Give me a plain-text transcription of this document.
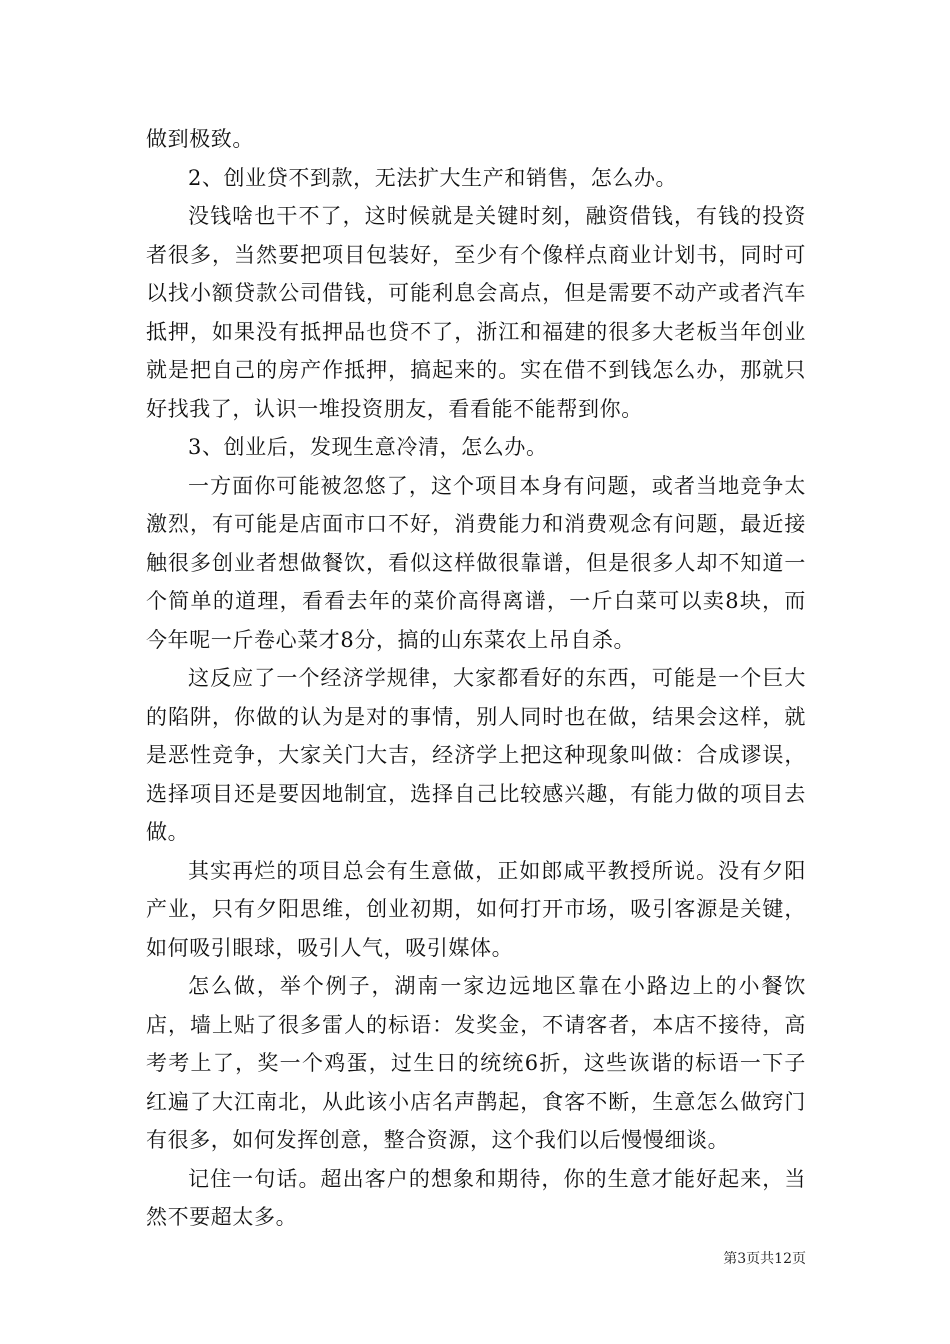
做到极致。

2、创业贷不到款，无法扩大生产和销售，怎么办。

没钱啥也干不了，这时候就是关键时刻，融资借钱，有钱的投资者很多，当然要把项目包装好，至少有个像样点商业计划书，同时可以找小额贷款公司借钱，可能利息会高点，但是需要不动产或者汽车抵押，如果没有抵押品也贷不了，浙江和福建的很多大老板当年创业就是把自己的房产作抵押，搞起来的。实在借不到钱怎么办，那就只好找我了，认识一堆投资朋友，看看能不能帮到你。

3、创业后，发现生意冷清，怎么办。

一方面你可能被忽悠了，这个项目本身有问题，或者当地竞争太激烈，有可能是店面市口不好，消费能力和消费观念有问题，最近接触很多创业者想做餐饮，看似这样做很靠谱，但是很多人却不知道一个简单的道理，看看去年的菜价高得离谱，一斤白菜可以卖8块，而今年呢一斤卷心菜才8分，搞的山东菜农上吊自杀。

这反应了一个经济学规律，大家都看好的东西，可能是一个巨大的陷阱，你做的认为是对的事情，别人同时也在做，结果会这样，就是恶性竞争，大家关门大吉，经济学上把这种现象叫做：合成谬误，选择项目还是要因地制宜，选择自己比较感兴趣，有能力做的项目去做。

其实再烂的项目总会有生意做，正如郎咸平教授所说。没有夕阳产业，只有夕阳思维，创业初期，如何打开市场，吸引客源是关键，如何吸引眼球，吸引人气，吸引媒体。

怎么做，举个例子，湖南一家边远地区靠在小路边上的小餐饮店，墙上贴了很多雷人的标语：发奖金，不请客者，本店不接待，高考考上了，奖一个鸡蛋，过生日的统统6折，这些诙谐的标语一下子红遍了大江南北，从此该小店名声鹊起，食客不断，生意怎么做窍门有很多，如何发挥创意，整合资源，这个我们以后慢慢细谈。

记住一句话。超出客户的想象和期待，你的生意才能好起来，当然不要超太多。

第3页共12页
